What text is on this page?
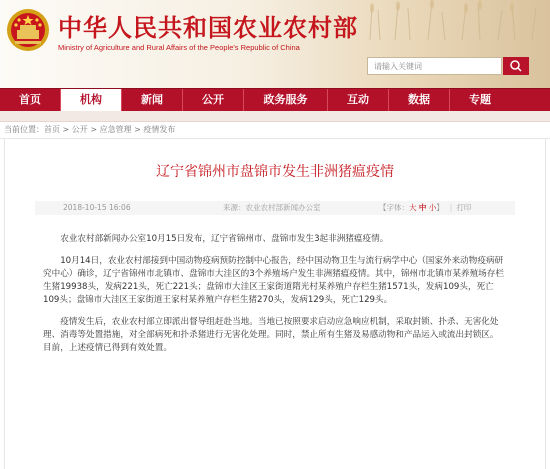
中华人民共和国农业农村部
Ministry of Agriculture and Rural Affairs of the People's Republic of China
请输入关键词
首页	机构	新闻	公开	政务服务	互动	数据	专题
当前位置：首页 > 公开 > 应急管理 > 疫情发布
辽宁省锦州市盘锦市发生非洲猪瘟疫情
2018-10-15 16:06	来源：农业农村部新闻办公室	【字体：大 中 小】 | 打印

农业农村部新闻办公室10月15日发布，辽宁省锦州市、盘锦市发生3起非洲猪瘟疫情。

10月14日，农业农村部接到中国动物疫病预防控制中心报告，经中国动物卫生与流行病学中心（国家外来动物疫病研究中心）确诊，辽宁省锦州市北镇市、盘锦市大洼区的3个养殖场户发生非洲猪瘟疫情。其中，锦州市北镇市某养殖场存栏生猪19938头，发病221头，死亡221头；盘锦市大洼区王家街道隋光村某养殖户存栏生猪1571头，发病109头，死亡109头；盘锦市大洼区王家街道王家村某养殖户存栏生猪270头，发病129头，死亡129头。

疫情发生后，农业农村部立即派出督导组赶赴当地。当地已按照要求启动应急响应机制，采取封锁、扑杀、无害化处理、消毒等处置措施，对全部病死和扑杀猪进行无害化处理。同时，禁止所有生猪及易感动物和产品运入或流出封锁区。目前，上述疫情已得到有效处置。
